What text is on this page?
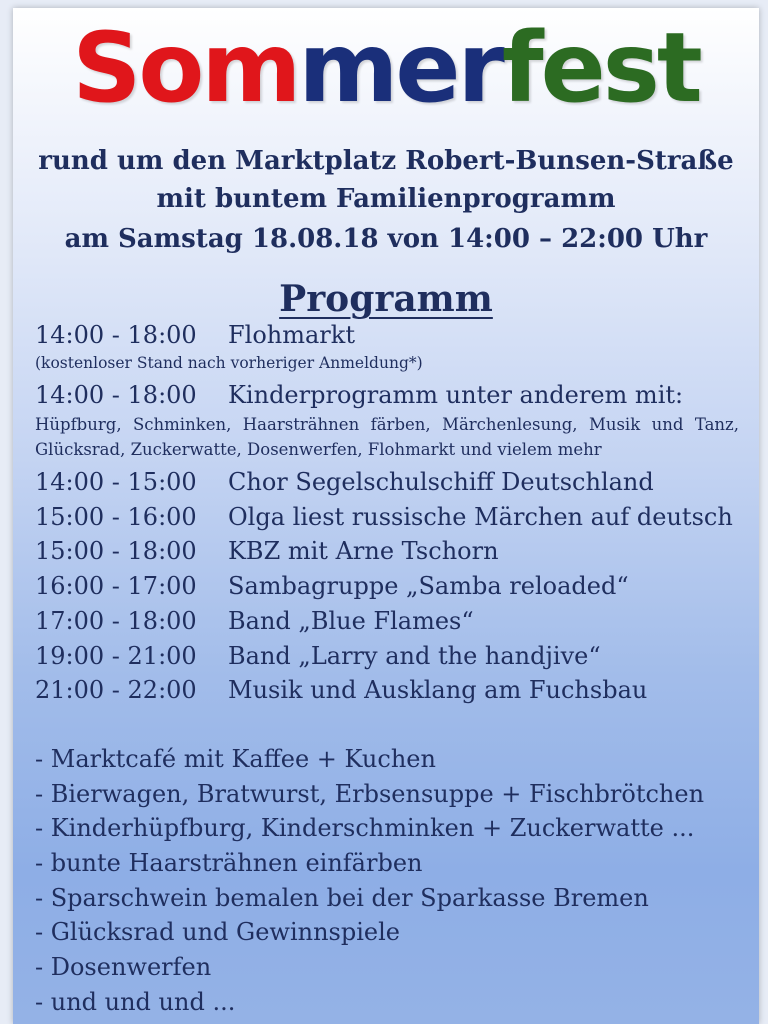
Sommerfest
rund um den Marktplatz Robert-Bunsen-Straße
mit buntem Familienprogramm
am Samstag 18.08.18 von 14:00 – 22:00 Uhr
Programm
14:00 - 18:00 Flohmarkt
(kostenloser Stand nach vorheriger Anmeldung*)
14:00 - 18:00 Kinderprogramm unter anderem mit:
Hüpfburg, Schminken, Haarsträhnen färben, Märchenlesung, Musik und Tanz, Glücksrad, Zuckerwatte, Dosenwerfen, Flohmarkt und vielem mehr
14:00 - 15:00 Chor Segelschulschiff Deutschland
15:00 - 16:00 Olga liest russische Märchen auf deutsch
15:00 - 18:00 KBZ mit Arne Tschorn
16:00 - 17:00 Sambagruppe „Samba reloaded“
17:00 - 18:00 Band „Blue Flames“
19:00 - 21:00 Band „Larry and the handjive“
21:00 - 22:00 Musik und Ausklang am Fuchsbau
- Marktcafé mit Kaffee + Kuchen
- Bierwagen, Bratwurst, Erbsensuppe + Fischbrötchen
- Kinderhüpfburg, Kinderschminken + Zuckerwatte ...
- bunte Haarsträhnen einfärben
- Sparschwein bemalen bei der Sparkasse Bremen
- Glücksrad und Gewinnspiele
- Dosenwerfen
- und und und ...
